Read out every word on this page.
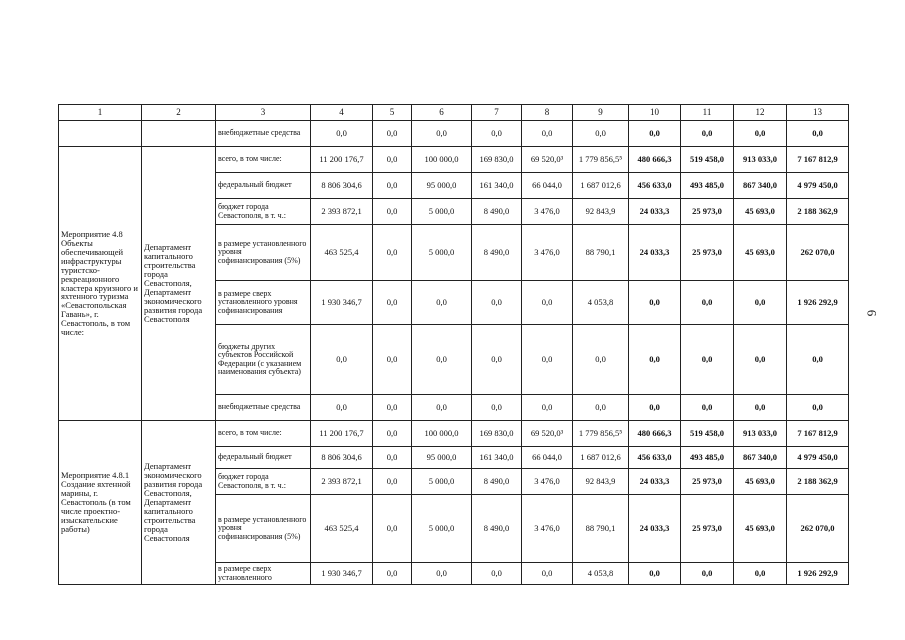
1	2	3	4	5	6	7	8	9	10	11	12	13
		внебюджетные средства	0,0	0,0	0,0	0,0	0,0	0,0	0,0	0,0	0,0	0,0
Мероприятие 4.8 Объекты обеспечивающей инфраструктуры туристско-рекреационного кластера круизного и яхтенного туризма «Севастопольская Гавань», г. Севастополь, в том числе:	Департамент капитального строительства города Севастополя, Департамент экономического развития города Севастополя	всего, в том числе:	11 200 176,7	0,0	100 000,0	169 830,0	69 520,0³	1 779 856,5⁵	480 666,3	519 458,0	913 033,0	7 167 812,9
		федеральный бюджет	8 806 304,6	0,0	95 000,0	161 340,0	66 044,0	1 687 012,6	456 633,0	493 485,0	867 340,0	4 979 450,0
		бюджет города Севастополя, в т. ч.:	2 393 872,1	0,0	5 000,0	8 490,0	3 476,0	92 843,9	24 033,3	25 973,0	45 693,0	2 188 362,9
		в размере установленного уровня софинансирования (5%)	463 525,4	0,0	5 000,0	8 490,0	3 476,0	88 790,1	24 033,3	25 973,0	45 693,0	262 070,0
		в размере сверх установленного уровня софинансирования	1 930 346,7	0,0	0,0	0,0	0,0	4 053,8	0,0	0,0	0,0	1 926 292,9
		бюджеты других субъектов Российской Федерации (с указанием наименования субъекта)	0,0	0,0	0,0	0,0	0,0	0,0	0,0	0,0	0,0	0,0
		внебюджетные средства	0,0	0,0	0,0	0,0	0,0	0,0	0,0	0,0	0,0	0,0
Мероприятие 4.8.1 Создание яхтенной марины, г. Севастополь (в том числе проектно-изыскательские работы)	Департамент экономического развития города Севастополя, Департамент капитального строительства города Севастополя	всего, в том числе:	11 200 176,7	0,0	100 000,0	169 830,0	69 520,0³	1 779 856,5⁵	480 666,3	519 458,0	913 033,0	7 167 812,9
		федеральный бюджет	8 806 304,6	0,0	95 000,0	161 340,0	66 044,0	1 687 012,6	456 633,0	493 485,0	867 340,0	4 979 450,0
		бюджет города Севастополя, в т. ч.:	2 393 872,1	0,0	5 000,0	8 490,0	3 476,0	92 843,9	24 033,3	25 973,0	45 693,0	2 188 362,9
		в размере установленного уровня софинансирования (5%)	463 525,4	0,0	5 000,0	8 490,0	3 476,0	88 790,1	24 033,3	25 973,0	45 693,0	262 070,0
		в размере сверх установленного	1 930 346,7	0,0	0,0	0,0	0,0	4 053,8	0,0	0,0	0,0	1 926 292,9
6
